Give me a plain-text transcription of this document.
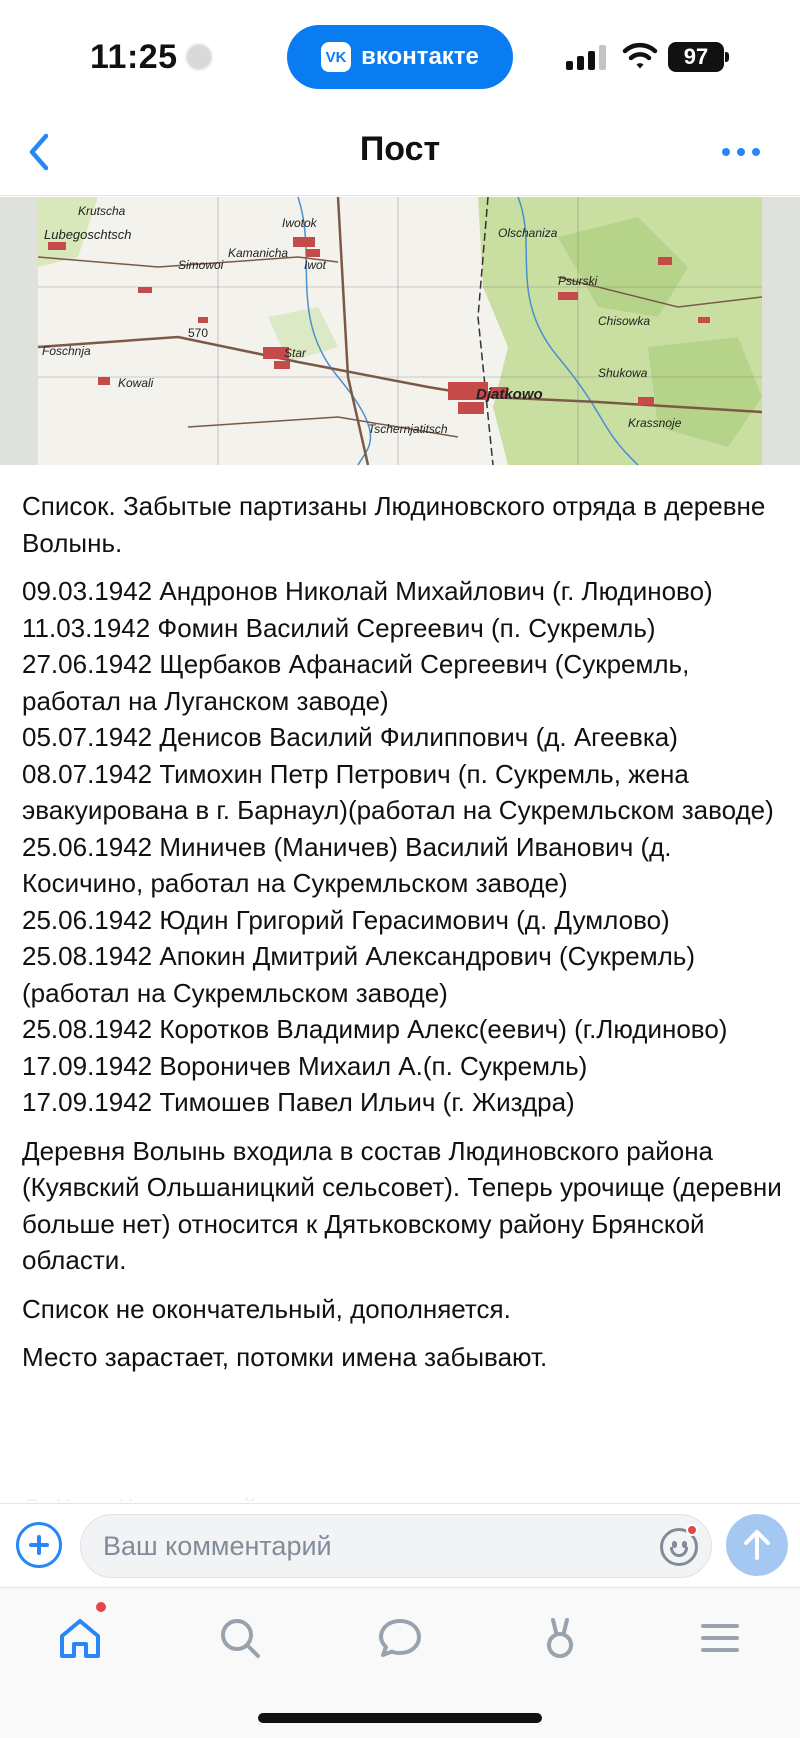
11:25	VK вконтакте	97
Пост
Lubegoschtsch
Iwotok
Iwot
Star
Djatkowo
Foschnja
Tschernjatitsch
Olschaniza
Psurski
Chisowka
Shukowa
Krassnoje
Kowali
Simowoi
Kamanicha
Krutscha
570

Список. Забытые партизаны Людиновского отряда в деревне Волынь.

09.03.1942 Андронов Николай Михайлович (г. Людиново)
11.03.1942 Фомин Василий Сергеевич (п. Сукремль)
27.06.1942 Щербаков Афанасий Сергеевич (Сукремль, работал на Луганском заводе)
05.07.1942 Денисов Василий Филиппович (д. Агеевка)
08.07.1942 Тимохин Петр Петрович (п. Сукремль, жена эвакуирована в г. Барнаул)(работал на Сукремльском заводе)
25.06.1942 Миничев (Маничев) Василий Иванович (д. Косичино, работал на Сукремльском заводе)
25.06.1942 Юдин Григорий Герасимович (д. Думлово)
25.08.1942 Апокин Дмитрий Александрович (Сукремль)(работал на Сукремльском заводе)
25.08.1942 Коротков Владимир Алекс(еевич) (г.Людиново)
17.09.1942 Вороничев Михаил А.(п. Сукремль)
17.09.1942 Тимошев Павел Ильич (г. Жиздра)

Деревня Волынь входила в состав Людиновского района (Куявский Ольшаницкий сельсовет). Теперь урочище (деревни больше нет) относится к Дятьковскому району Брянской области.

Список не окончательный, дополняется.

Место зарастает, потомки имена забывают.

Ваш комментарий
